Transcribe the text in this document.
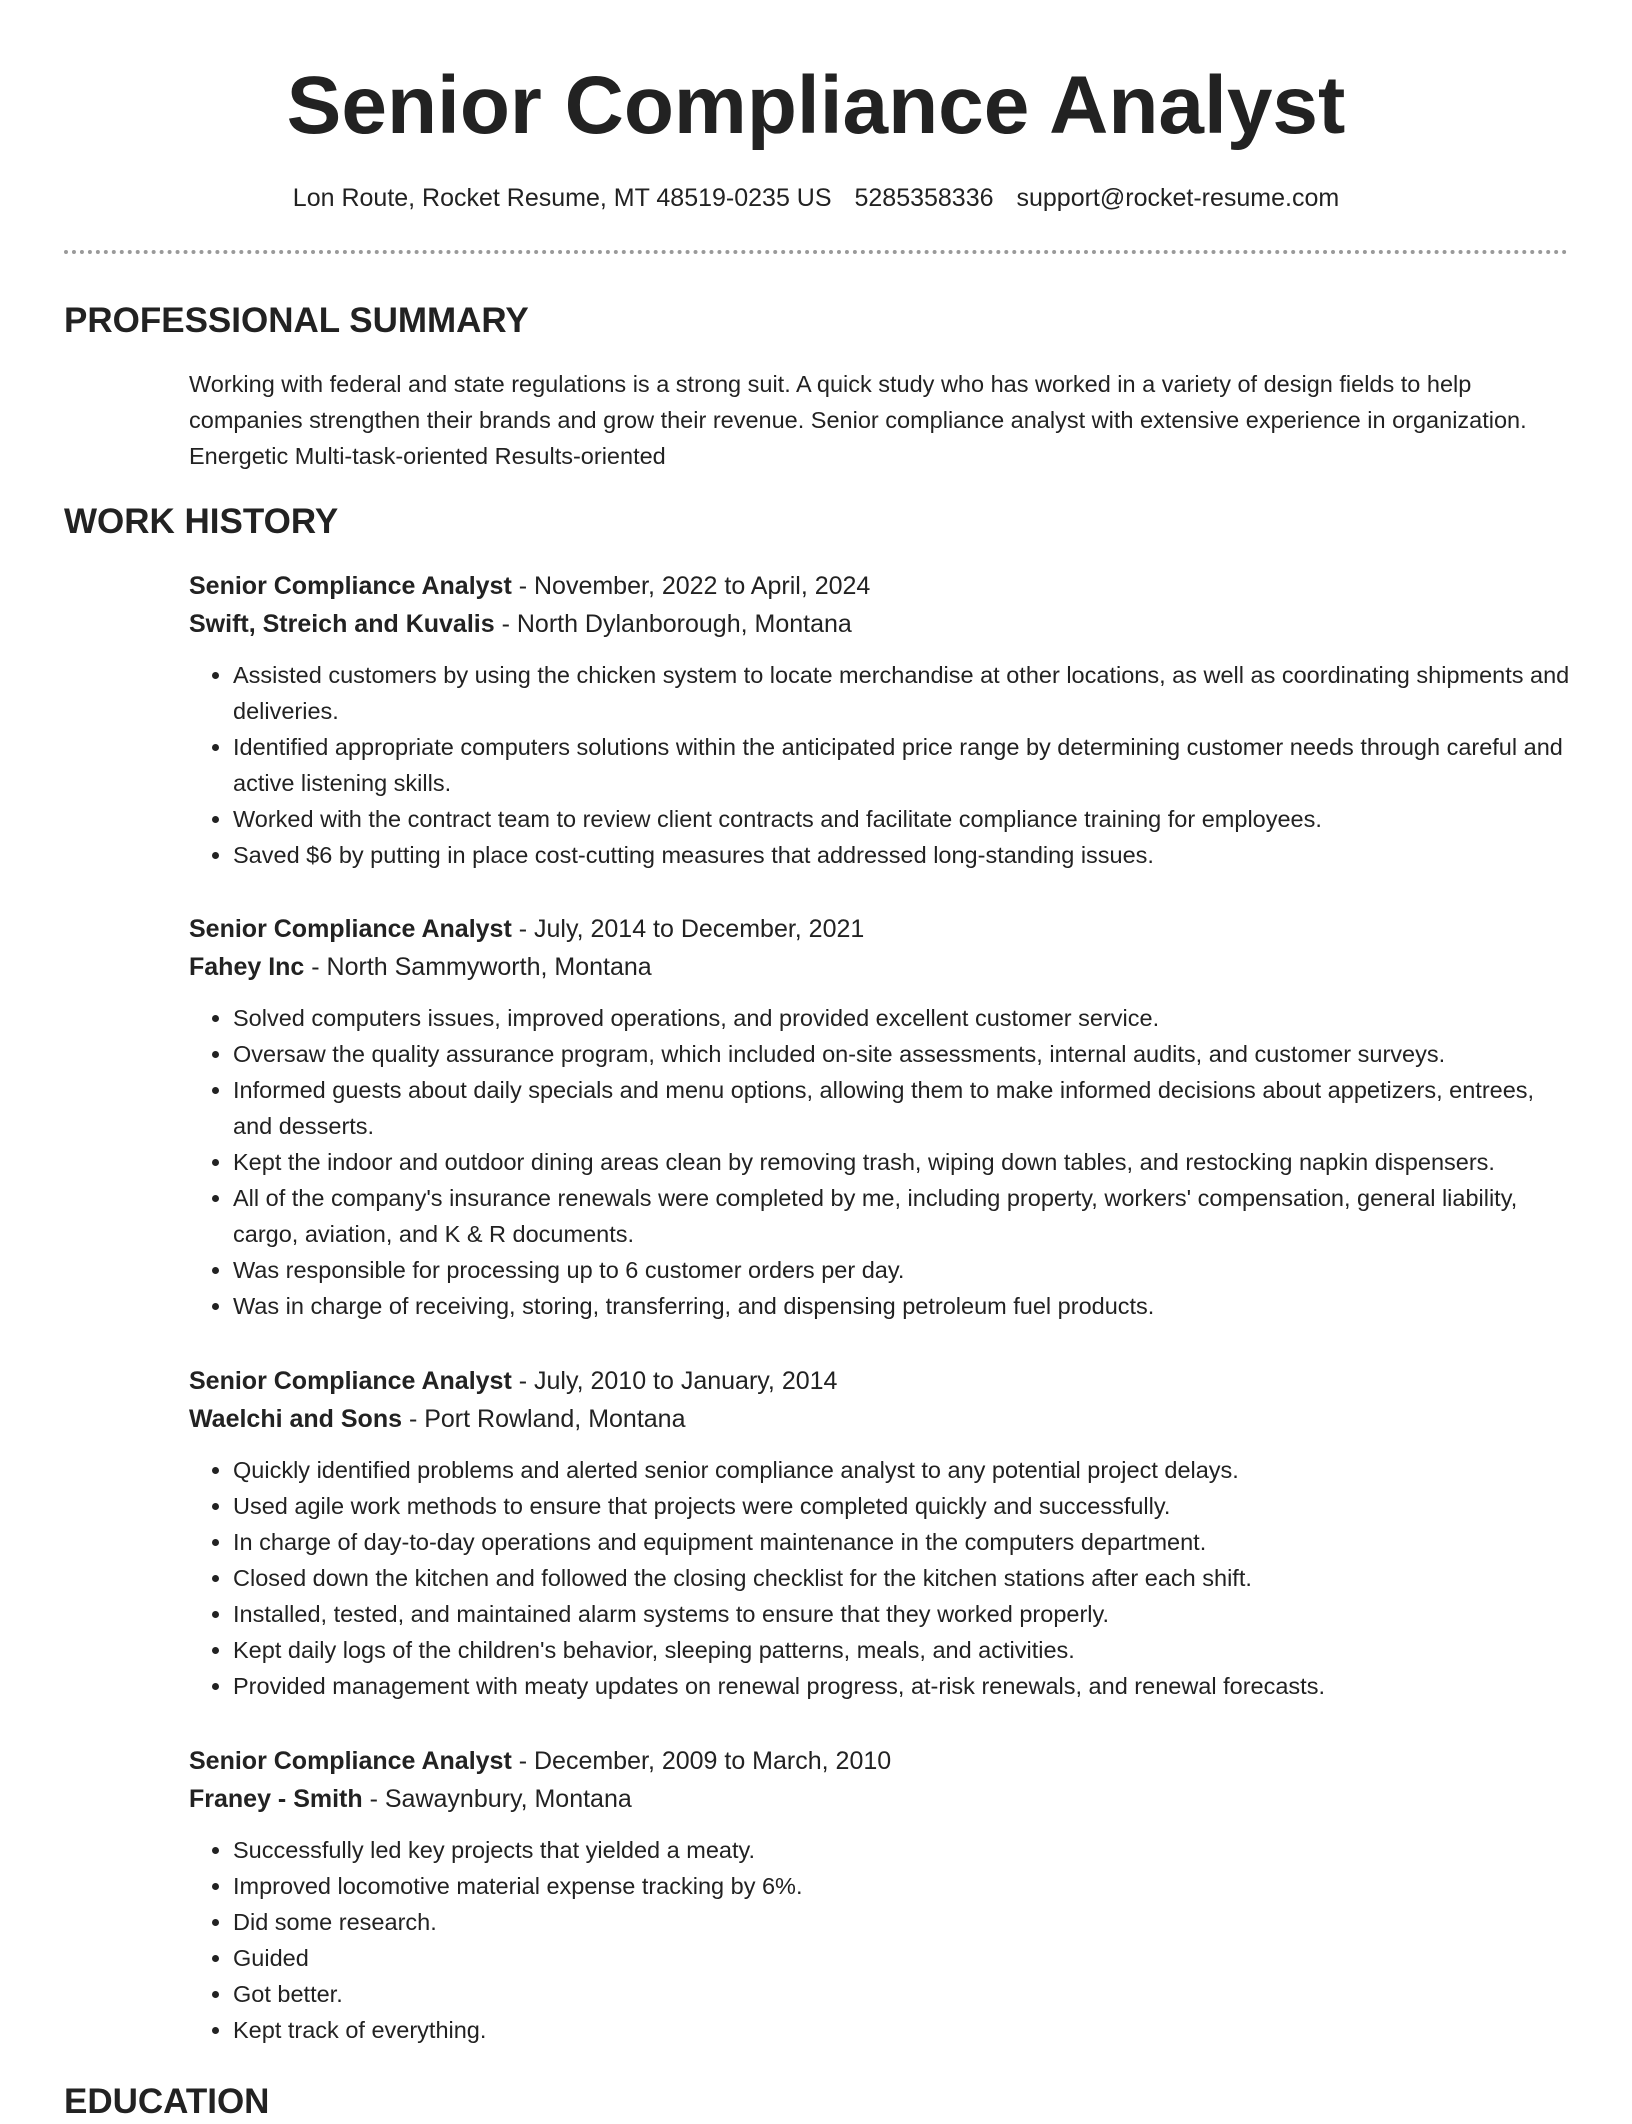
Senior Compliance Analyst
Lon Route, Rocket Resume, MT 48519-0235 US 5285358336 support@rocket-resume.com
PROFESSIONAL SUMMARY

Working with federal and state regulations is a strong suit. A quick study who has worked in a variety of design fields to help companies strengthen their brands and grow their revenue. Senior compliance analyst with extensive experience in organization. Energetic Multi-task-oriented Results-oriented

WORK HISTORY
Senior Compliance Analyst - November, 2022 to April, 2024
Swift, Streich and Kuvalis - North Dylanborough, Montana
• Assisted customers by using the chicken system to locate merchandise at other locations, as well as coordinating shipments and deliveries.
• Identified appropriate computers solutions within the anticipated price range by determining customer needs through careful and active listening skills.
• Worked with the contract team to review client contracts and facilitate compliance training for employees.
• Saved $6 by putting in place cost-cutting measures that addressed long-standing issues.
Senior Compliance Analyst - July, 2014 to December, 2021
Fahey Inc - North Sammyworth, Montana
• Solved computers issues, improved operations, and provided excellent customer service.
• Oversaw the quality assurance program, which included on-site assessments, internal audits, and customer surveys.
• Informed guests about daily specials and menu options, allowing them to make informed decisions about appetizers, entrees, and desserts.
• Kept the indoor and outdoor dining areas clean by removing trash, wiping down tables, and restocking napkin dispensers.
• All of the company's insurance renewals were completed by me, including property, workers' compensation, general liability, cargo, aviation, and K & R documents.
• Was responsible for processing up to 6 customer orders per day.
• Was in charge of receiving, storing, transferring, and dispensing petroleum fuel products.
Senior Compliance Analyst - July, 2010 to January, 2014
Waelchi and Sons - Port Rowland, Montana
• Quickly identified problems and alerted senior compliance analyst to any potential project delays.
• Used agile work methods to ensure that projects were completed quickly and successfully.
• In charge of day-to-day operations and equipment maintenance in the computers department.
• Closed down the kitchen and followed the closing checklist for the kitchen stations after each shift.
• Installed, tested, and maintained alarm systems to ensure that they worked properly.
• Kept daily logs of the children's behavior, sleeping patterns, meals, and activities.
• Provided management with meaty updates on renewal progress, at-risk renewals, and renewal forecasts.
Senior Compliance Analyst - December, 2009 to March, 2010
Franey - Smith - Sawaynbury, Montana
• Successfully led key projects that yielded a meaty.
• Improved locomotive material expense tracking by 6%.
• Did some research.
• Guided
• Got better.
• Kept track of everything.
EDUCATION
